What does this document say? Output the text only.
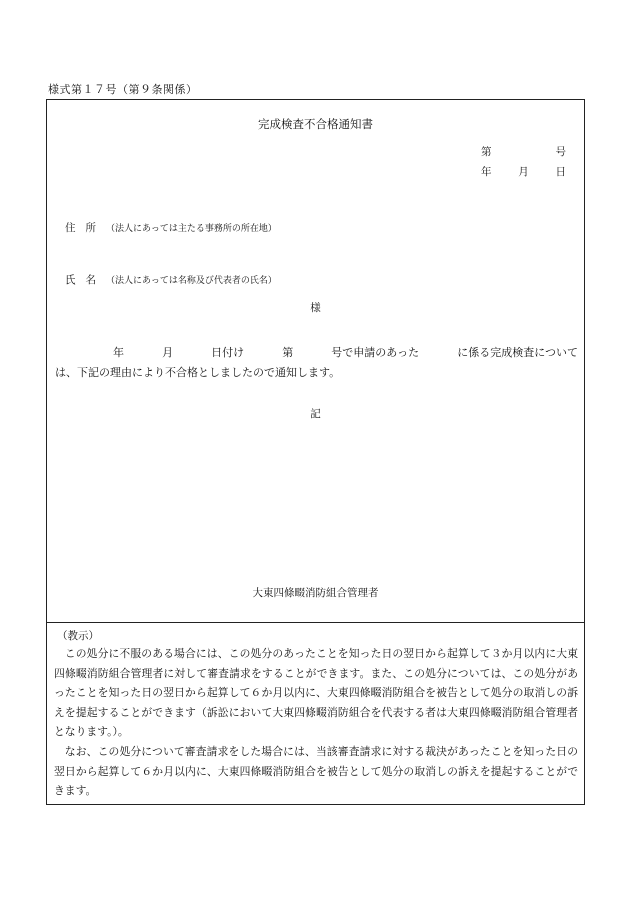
様式第１７号（第９条関係）
完成検査不合格通知書
第	号
年	月	日
住所（法人にあっては主たる事務所の所在地）
氏名（法人にあっては名称及び代表者の氏名）
様
年	月	日付け	第	号で申請のあった	に係る完成検査について
は、下記の理由により不合格としましたので通知します。
記
大東四條畷消防組合管理者
（教示）

この処分に不服のある場合には、この処分のあったことを知った日の翌日から起算して３か月以内に大東四條畷消防組合管理者に対して審査請求をすることができます。また、この処分については、この処分があったことを知った日の翌日から起算して６か月以内に、大東四條畷消防組合を被告として処分の取消しの訴えを提起することができます（訴訟において大東四條畷消防組合を代表する者は大東四條畷消防組合管理者となります。）。

なお、この処分について審査請求をした場合には、当該審査請求に対する裁決があったことを知った日の翌日から起算して６か月以内に、大東四條畷消防組合を被告として処分の取消しの訴えを提起することができます。
